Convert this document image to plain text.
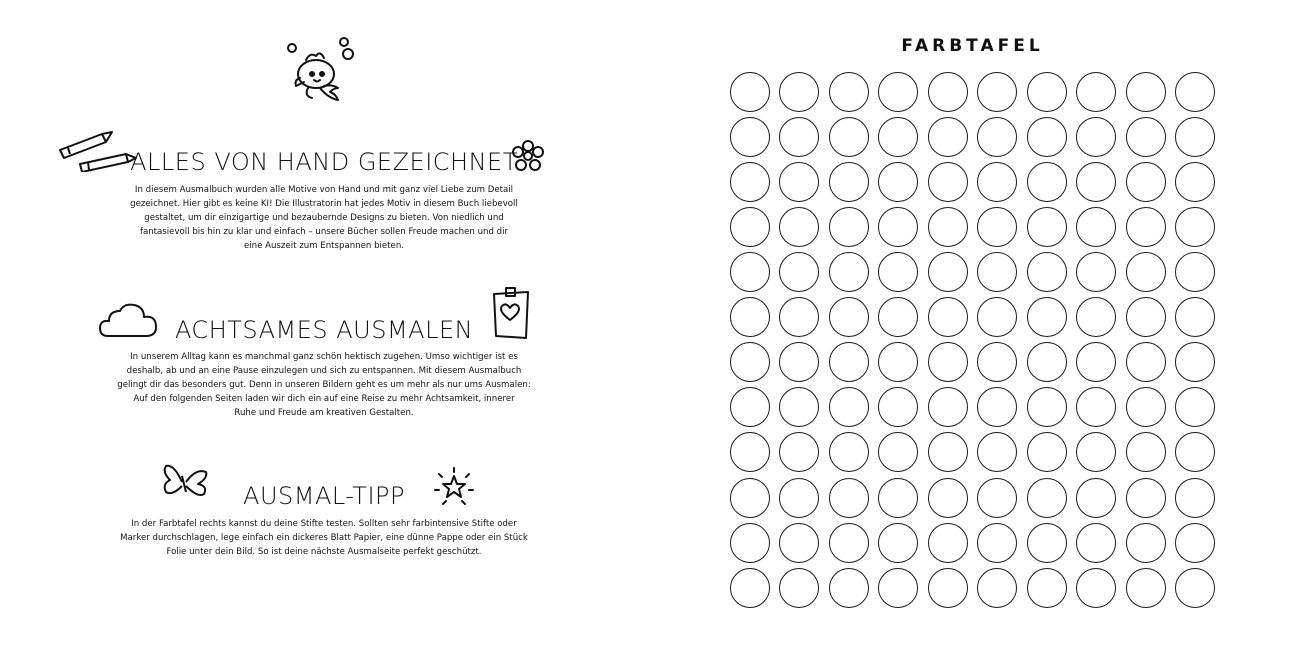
ALLES VON HAND GEZEICHNET

In diesem Ausmalbuch wurden alle Motive von Hand und mit ganz viel Liebe zum Detail

gezeichnet. Hier gibt es keine KI! Die Illustratorin hat jedes Motiv in diesem Buch liebevoll

gestaltet, um dir einzigartige und bezaubernde Designs zu bieten. Von niedlich und

fantasievoll bis hin zu klar und einfach – unsere Bücher sollen Freude machen und dir

eine Auszeit zum Entspannen bieten.

ACHTSAMES AUSMALEN

In unserem Alltag kann es manchmal ganz schön hektisch zugehen. Umso wichtiger ist es

deshalb, ab und an eine Pause einzulegen und sich zu entspannen. Mit diesem Ausmalbuch

gelingt dir das besonders gut. Denn in unseren Bildern geht es um mehr als nur ums Ausmalen:

Auf den folgenden Seiten laden wir dich ein auf eine Reise zu mehr Achtsamkeit, innerer

Ruhe und Freude am kreativen Gestalten.

AUSMAL-TIPP

In der Farbtafel rechts kannst du deine Stifte testen. Sollten sehr farbintensive Stifte oder

Marker durchschlagen, lege einfach ein dickeres Blatt Papier, eine dünne Pappe oder ein Stück

Folie unter dein Bild. So ist deine nächste Ausmalseite perfekt geschützt.

FARBTAFEL
